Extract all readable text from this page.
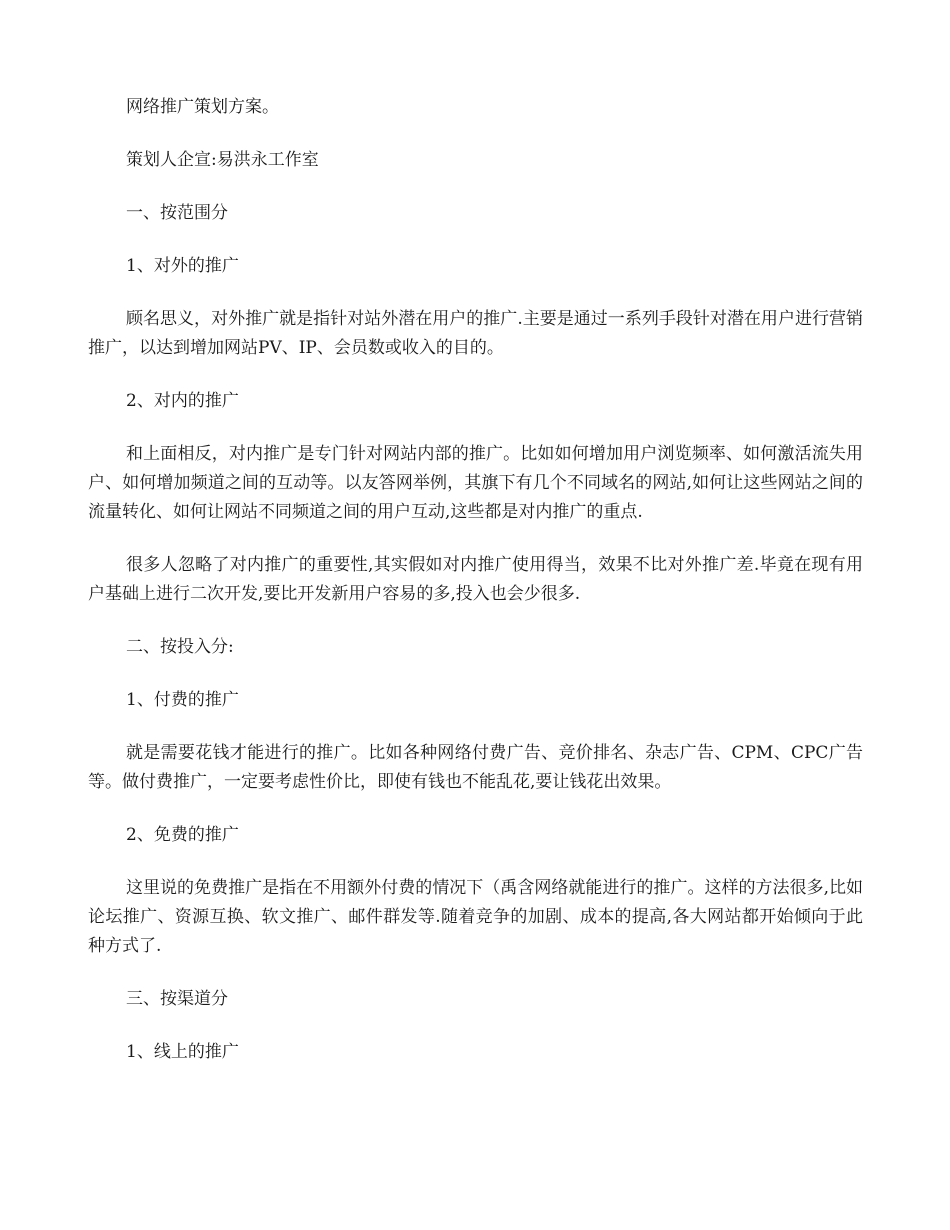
网络推广策划方案。

策划人企宣:易洪永工作室

一、按范围分

1、对外的推广

顾名思义，对外推广就是指针对站外潜在用户的推广.主要是通过一系列手段针对潜在用户进行营销推广，以达到增加网站PV、IP、会员数或收入的目的。

2、对内的推广

和上面相反，对内推广是专门针对网站内部的推广。比如如何增加用户浏览频率、如何激活流失用户、如何增加频道之间的互动等。以友答网举例，其旗下有几个不同域名的网站,如何让这些网站之间的流量转化、如何让网站不同频道之间的用户互动,这些都是对内推广的重点.

很多人忽略了对内推广的重要性,其实假如对内推广使用得当，效果不比对外推广差.毕竟在现有用户基础上进行二次开发,要比开发新用户容易的多,投入也会少很多.

二、按投入分:

1、付费的推广

就是需要花钱才能进行的推广。比如各种网络付费广告、竞价排名、杂志广告、CPM、CPC广告等。做付费推广，一定要考虑性价比，即使有钱也不能乱花,要让钱花出效果。

2、免费的推广

这里说的免费推广是指在不用额外付费的情况下（禹含网络就能进行的推广。这样的方法很多,比如论坛推广、资源互换、软文推广、邮件群发等.随着竞争的加剧、成本的提高,各大网站都开始倾向于此种方式了.

三、按渠道分

1、线上的推广
